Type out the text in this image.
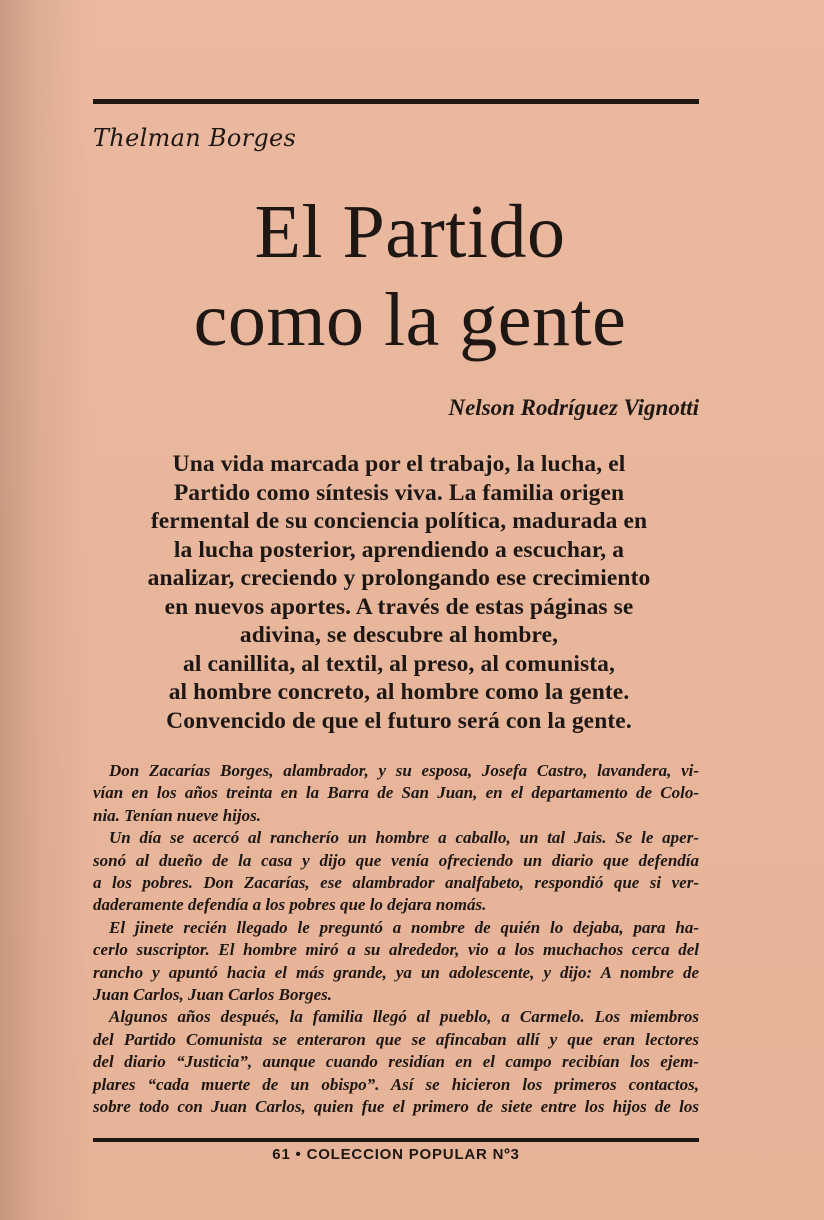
Thelman Borges
El Partido
como la gente
Nelson Rodríguez Vignotti
Una vida marcada por el trabajo, la lucha, el
Partido como síntesis viva. La familia origen
fermental de su conciencia política, madurada en
la lucha posterior, aprendiendo a escuchar, a
analizar, creciendo y prolongando ese crecimiento
en nuevos aportes. A través de estas páginas se
adivina, se descubre al hombre,
al canillita, al textil, al preso, al comunista,
al hombre concreto, al hombre como la gente.
Convencido de que el futuro será con la gente.
Don Zacarías Borges, alambrador, y su esposa, Josefa Castro, lavandera, vi-
vían en los años treinta en la Barra de San Juan, en el departamento de Colo-
nia. Tenían nueve hijos.
Un día se acercó al rancherío un hombre a caballo, un tal Jais. Se le aper-
sonó al dueño de la casa y dijo que venía ofreciendo un diario que defendía
a los pobres. Don Zacarías, ese alambrador analfabeto, respondió que si ver-
daderamente defendía a los pobres que lo dejara nomás.
El jinete recién llegado le preguntó a nombre de quién lo dejaba, para ha-
cerlo suscriptor. El hombre miró a su alrededor, vio a los muchachos cerca del
rancho y apuntó hacia el más grande, ya un adolescente, y dijo: A nombre de
Juan Carlos, Juan Carlos Borges.
Algunos años después, la familia llegó al pueblo, a Carmelo. Los miembros
del Partido Comunista se enteraron que se afincaban allí y que eran lectores
del diario “Justicia”, aunque cuando residían en el campo recibían los ejem-
plares “cada muerte de un obispo”. Así se hicieron los primeros contactos,
sobre todo con Juan Carlos, quien fue el primero de siete entre los hijos de los
61 • COLECCION POPULAR Nº3
